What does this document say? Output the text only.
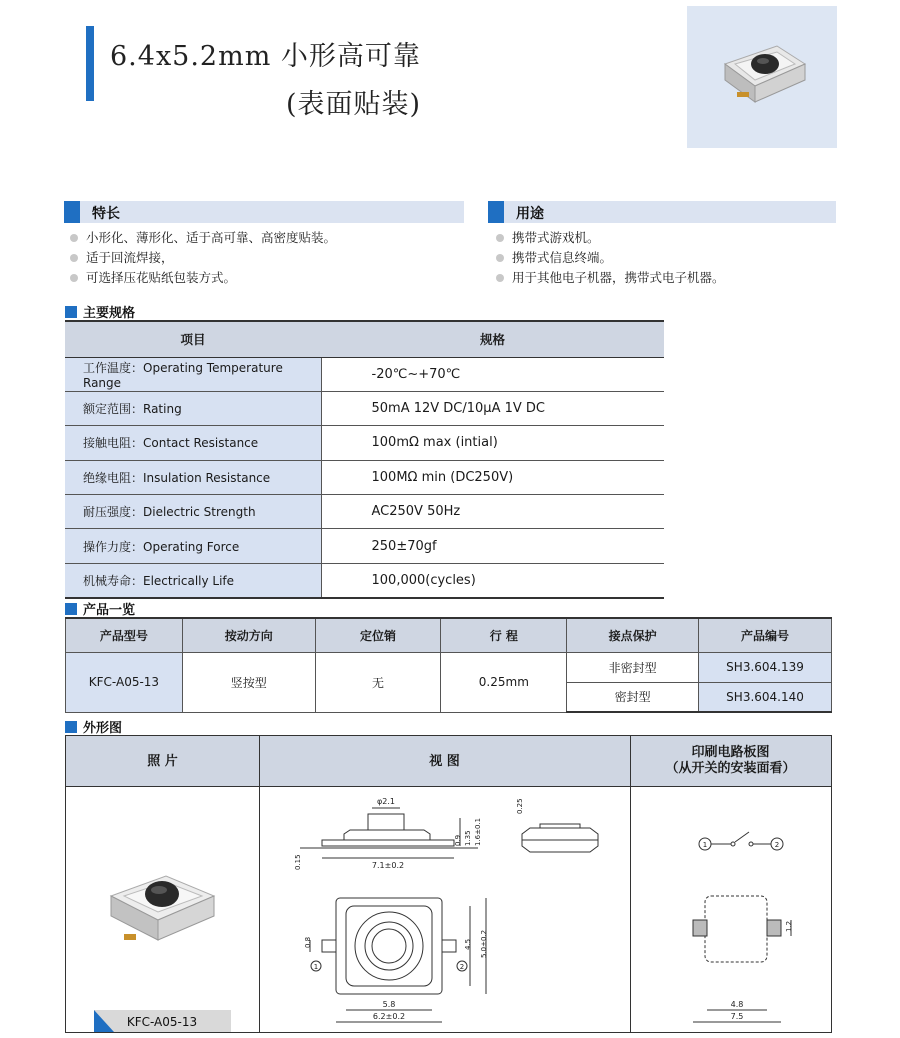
6.4x5.2mm 小形高可靠
(表面贴装)
特长
小形化、薄形化、适于高可靠、高密度贴装。
适于回流焊接，
可选择压花贴纸包装方式。
用途
携带式游戏机。
携带式信息终端。
用于其他电子机器，携带式电子机器。
主要规格
项目	规格
工作温度：Operating Temperature Range	-20℃~+70℃
额定范围：Rating	50mA 12V DC/10μA 1V DC
接触电阻：Contact Resistance	100mΩ max (intial)
绝缘电阻：Insulation Resistance	100MΩ min (DC250V)
耐压强度：Dielectric Strength	AC250V 50Hz
操作力度：Operating Force	250±70gf
机械寿命：Electrically Life	100,000(cycles)
产品一览
产品型号	按动方向	定位销	行 程	接点保护	产品编号
KFC-A05-13	竖按型	无	0.25mm	非密封型	SH3.604.139
				密封型	SH3.604.140
外形图
照 片	视 图
印刷电路板图
（从开关的安装面看）
KFC-A05-13
φ2.1
7.1±0.2
0.15
0.9 1.35 1.6±0.1
0.25
0.8
1	2
4.5 5.0±0.2
5.8
6.2±0.2
1	2
1.2
4.8
7.5
